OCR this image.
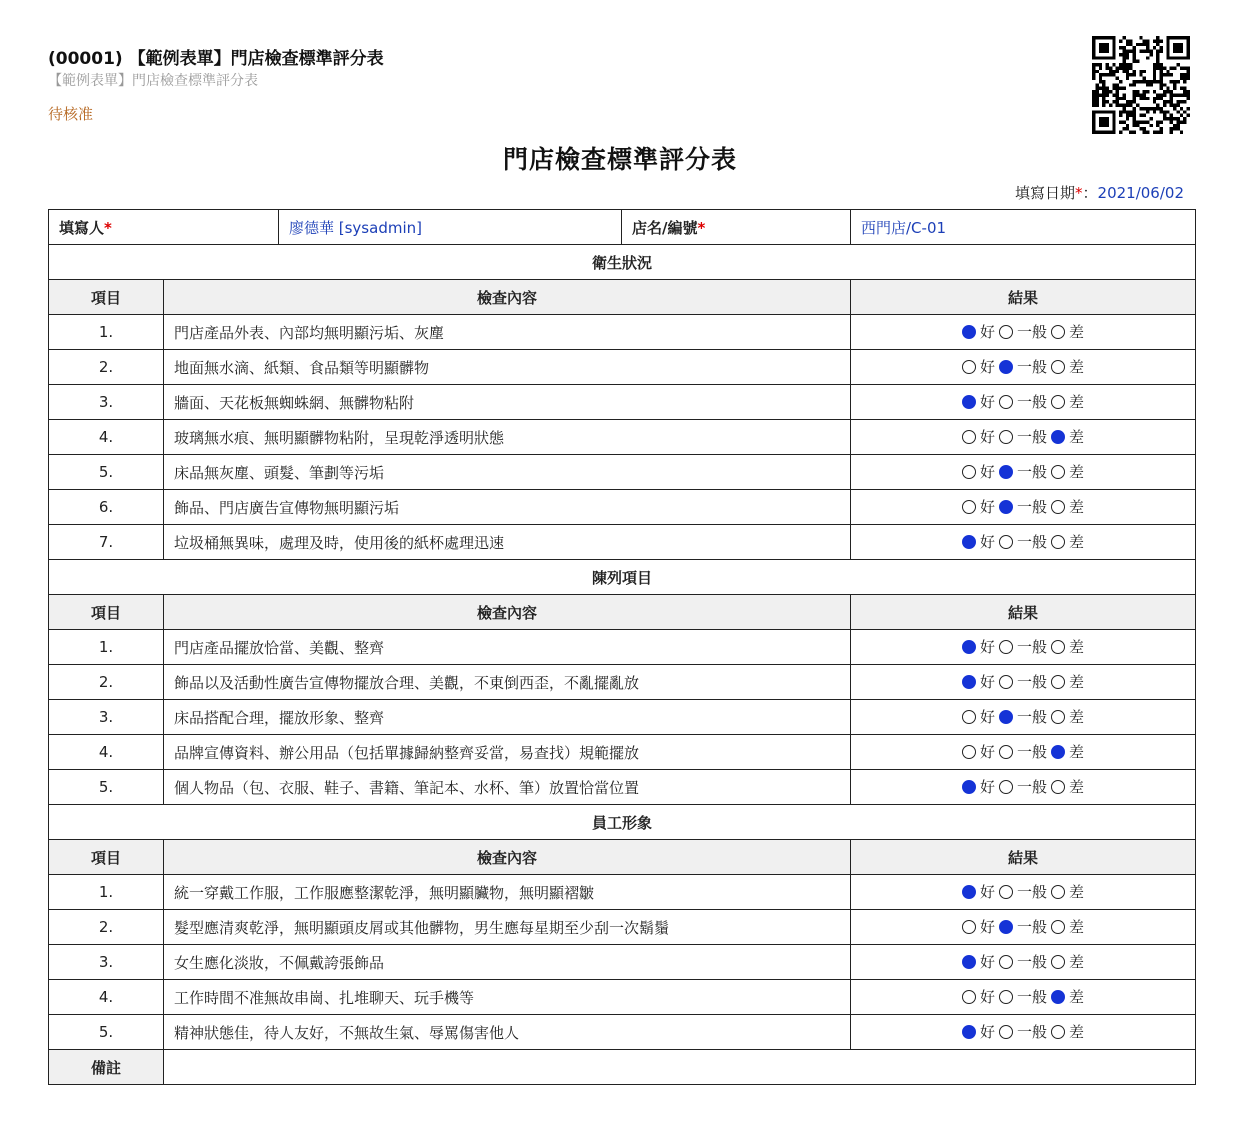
(00001) 【範例表單】門店檢查標準評分表
【範例表單】門店檢查標準評分表
待核准
門店檢查標準評分表
填寫日期*：2021/06/02
填寫人*		廖德華 [sysadmin]	店名/編號*	西門店/C-01
衛生狀況				
項目	檢查內容			結果
1.	門店產品外表、內部均無明顯污垢、灰塵			好 一般 差

2.	地面無水滴、紙類、食品類等明顯髒物			好 一般 差

3.	牆面、天花板無蜘蛛網、無髒物粘附			好 一般 差

4.	玻璃無水痕、無明顯髒物粘附，呈現乾淨透明狀態			好 一般 差

5.	床品無灰塵、頭髮、筆劃等污垢			好 一般 差

6.	飾品、門店廣告宣傳物無明顯污垢			好 一般 差

7.	垃圾桶無異味，處理及時，使用後的紙杯處理迅速			好 一般 差

陳列項目				
項目	檢查內容			結果
1.	門店產品擺放恰當、美觀、整齊			好 一般 差

2.	飾品以及活動性廣告宣傳物擺放合理、美觀，不東倒西歪，不亂擺亂放			好 一般 差

3.	床品搭配合理，擺放形象、整齊			好 一般 差

4.	品牌宣傳資料、辦公用品（包括單據歸納整齊妥當，易查找）規範擺放			好 一般 差

5.	個人物品（包、衣服、鞋子、書籍、筆記本、水杯、筆）放置恰當位置			好 一般 差

員工形象				
項目	檢查內容			結果
1.	統一穿戴工作服，工作服應整潔乾淨，無明顯臟物，無明顯褶皺			好 一般 差

2.	髮型應清爽乾淨，無明顯頭皮屑或其他髒物，男生應每星期至少刮一次鬍鬚			好 一般 差

3.	女生應化淡妝，不佩戴誇張飾品			好 一般 差

4.	工作時間不准無故串崗、扎堆聊天、玩手機等			好 一般 差

5.	精神狀態佳，待人友好，不無故生氣、辱罵傷害他人			好 一般 差

備註				
